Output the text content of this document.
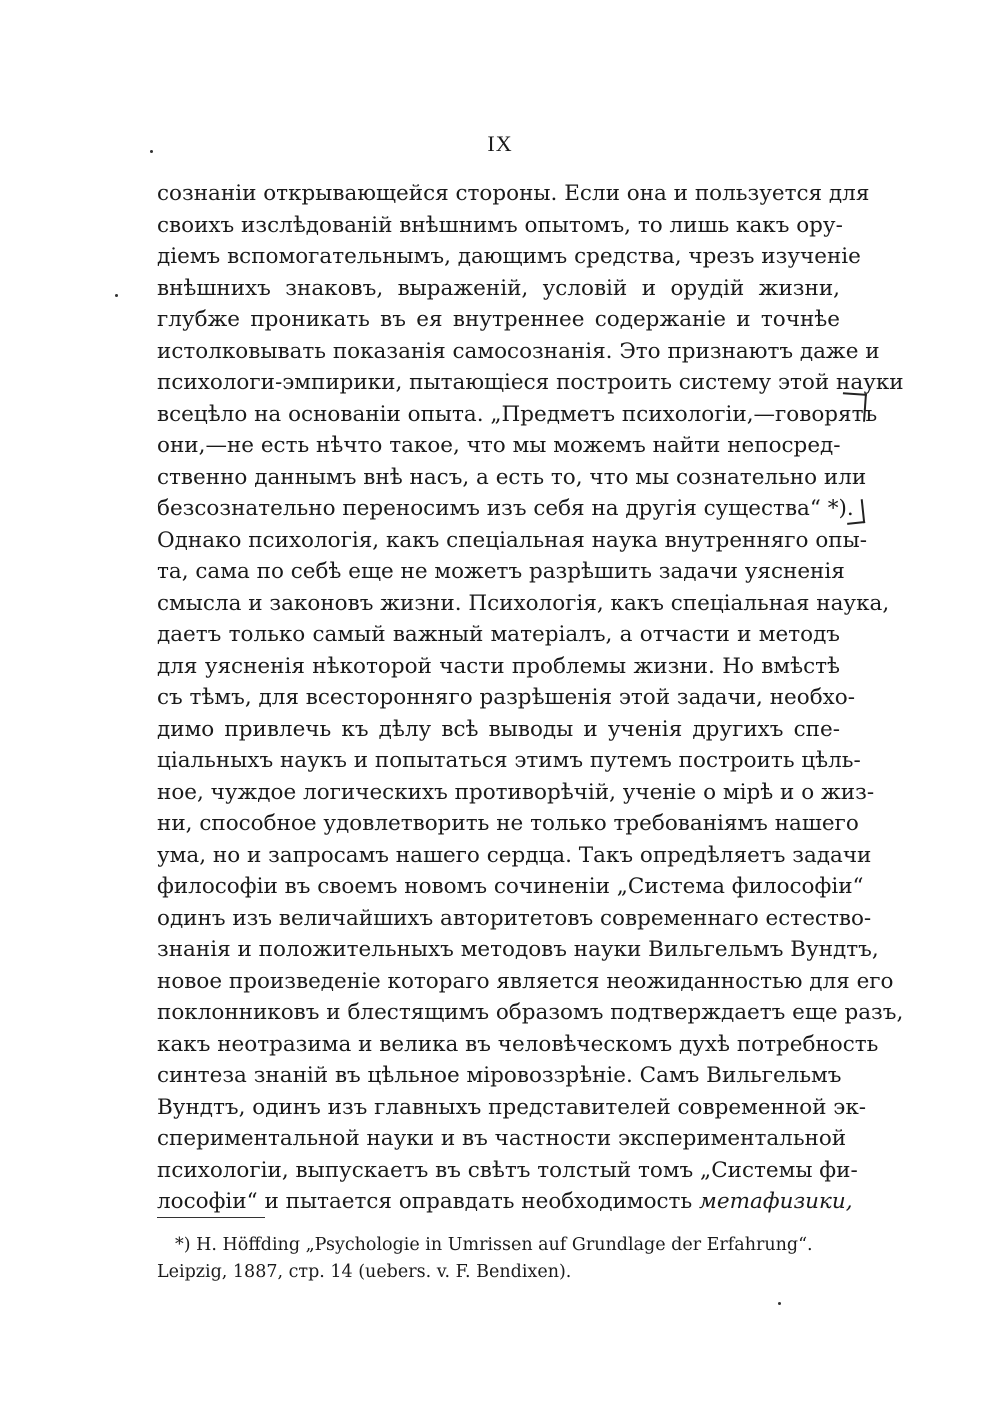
IX
сознанiи открывающейся стороны. Если она и пользуется для
своихъ изслѣдованiй внѣшнимъ опытомъ, то лишь какъ ору-
дiемъ вспомогательнымъ, дающимъ средства, чрезъ изученiе
внѣшнихъ знаковъ, выраженiй, условiй и орудiй жизни,
глубже проникать въ ея внутреннее содержанiе и точнѣе
истолковывать показанiя самосознанiя. Это признаютъ даже и
психологи-эмпирики, пытающiеся построить систему этой науки
всецѣло на основанiи опыта. „Предметъ психологiи,—говорятъ
они,—не есть нѣчто такое, что мы можемъ найти непосред-
ственно даннымъ внѣ насъ, а есть то, что мы сознательно или
безсознательно переносимъ изъ себя на другiя существа“ *).
Однако психологiя, какъ спецiальная наука внутренняго опы-
та, сама по себѣ еще не можетъ разрѣшить задачи уясненiя
смысла и законовъ жизни. Психологiя, какъ спецiальная наука,
даетъ только самый важный матерiалъ, а отчасти и методъ
для уясненiя нѣкоторой части проблемы жизни. Но вмѣстѣ
съ тѣмъ, для всесторонняго разрѣшенiя этой задачи, необхо-
димо привлечь къ дѣлу всѣ выводы и ученiя другихъ спе-
цiальныхъ наукъ и попытаться этимъ путемъ построить цѣль-
ное, чуждое логическихъ противорѣчiй, ученiе о мiрѣ и о жиз-
ни, способное удовлетворить не только требованiямъ нашего
ума, но и запросамъ нашего сердца. Такъ опредѣляетъ задачи
философiи въ своемъ новомъ сочиненiи „Система философiи“
одинъ изъ величайшихъ авторитетовъ современнаго естество-
знанiя и положительныхъ методовъ науки Вильгельмъ Вундтъ,
новое произведенiе котораго является неожиданностью для его
поклонниковъ и блестящимъ образомъ подтверждаетъ еще разъ,
какъ неотразима и велика въ человѣческомъ духѣ потребность
синтеза знанiй въ цѣльное мiровоззрѣнiе. Самъ Вильгельмъ
Вундтъ, одинъ изъ главныхъ представителей современной эк-
спериментальной науки и въ частности экспериментальной
психологiи, выпускаетъ въ свѣтъ толстый томъ „Системы фи-
лософiи“ и пытается оправдать необходимость метафизики,
*) H. Höffding „Psychologie in Umrissen auf Grundlage der Erfahrung“.
Leipzig, 1887, стр. 14 (uebers. v. F. Bendixen).
